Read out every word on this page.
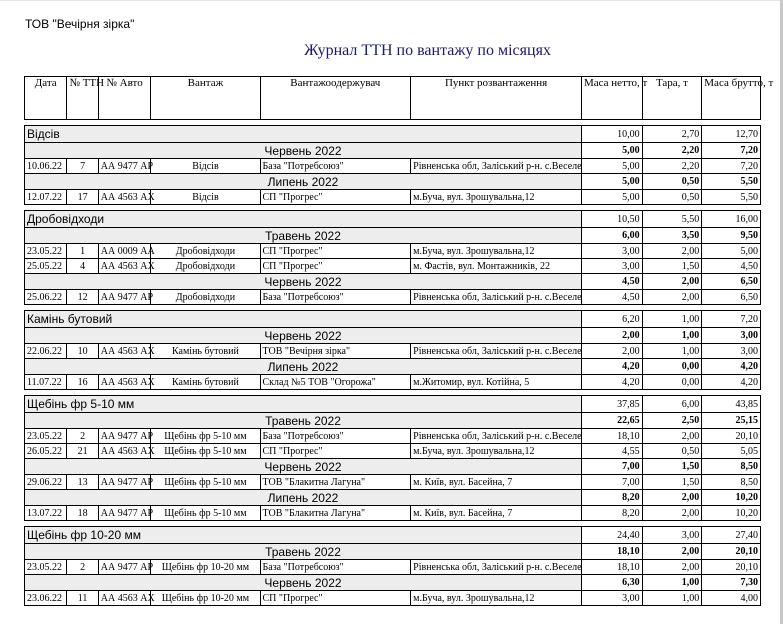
ТОВ "Вечірня зірка"
Журнал ТТН по вантажу по місяцях
Дата	№ ТТН	№ Авто	Вантаж	Вантажоодержувач	Пункт розвантаження	Маса нетто, т	Тара, т	Маса брутто, т

Відсів						10,00	2,70	12,70
Червень 2022						5,00	2,20	7,20
10.06.22	7	АА 9477 АР	Відсів	База "Потребсоюз"	Рівненська обл, Заліський р-н. с.Веселе	5,00	2,20	7,20
Липень 2022						5,00	0,50	5,50
12.07.22	17	АА 4563 АХ	Відсів	СП "Прогрес"	м.Буча, вул. Зрошувальна,12	5,00	0,50	5,50

Дробовідходи						10,50	5,50	16,00
Травень 2022						6,00	3,50	9,50
23.05.22	1	АА 0009 АА	Дробовідходи	СП "Прогрес"	м.Буча, вул. Зрошувальна,12	3,00	2,00	5,00
25.05.22	4	АА 4563 АХ	Дробовідходи	СП "Прогрес"	м. Фастів, вул. Монтажників, 22	3,00	1,50	4,50
Червень 2022						4,50	2,00	6,50
25.06.22	12	АА 9477 АР	Дробовідходи	База "Потребсоюз"	Рівненська обл, Заліський р-н. с.Веселе	4,50	2,00	6,50

Камінь бутовий						6,20	1,00	7,20
Червень 2022						2,00	1,00	3,00
22.06.22	10	АА 4563 АХ	Камінь бутовий	ТОВ "Вечірня зірка"	Рівненська обл, Заліський р-н. с.Веселе	2,00	1,00	3,00
Липень 2022						4,20	0,00	4,20
11.07.22	16	АА 4563 АХ	Камінь бутовий	Склад №5 ТОВ "Огорожа"	м.Житомир, вул. Котійна, 5	4,20	0,00	4,20

Щебінь фр 5-10 мм						37,85	6,00	43,85
Травень 2022						22,65	2,50	25,15
23.05.22	2	АА 9477 АР	Щебінь фр 5-10 мм	База "Потребсоюз"	Рівненська обл, Заліський р-н. с.Веселе	18,10	2,00	20,10
26.05.22	21	АА 4563 АХ	Щебінь фр 5-10 мм	СП "Прогрес"	м.Буча, вул. Зрошувальна,12	4,55	0,50	5,05
Червень 2022						7,00	1,50	8,50
29.06.22	13	АА 9477 АР	Щебінь фр 5-10 мм	ТОВ "Блакитна Лагуна"	м. Київ, вул. Басейна, 7	7,00	1,50	8,50
Липень 2022						8,20	2,00	10,20
13.07.22	18	АА 9477 АР	Щебінь фр 5-10 мм	ТОВ "Блакитна Лагуна"	м. Київ, вул. Басейна, 7	8,20	2,00	10,20

Щебінь фр 10-20 мм						24,40	3,00	27,40
Травень 2022						18,10	2,00	20,10
23.05.22	2	АА 9477 АР	Щебінь фр 10-20 мм	База "Потребсоюз"	Рівненська обл, Заліський р-н. с.Веселе	18,10	2,00	20,10
Червень 2022						6,30	1,00	7,30
23.06.22	11	АА 4563 АХ	Щебінь фр 10-20 мм	СП "Прогрес"	м.Буча, вул. Зрошувальна,12	3,00	1,00	4,00
